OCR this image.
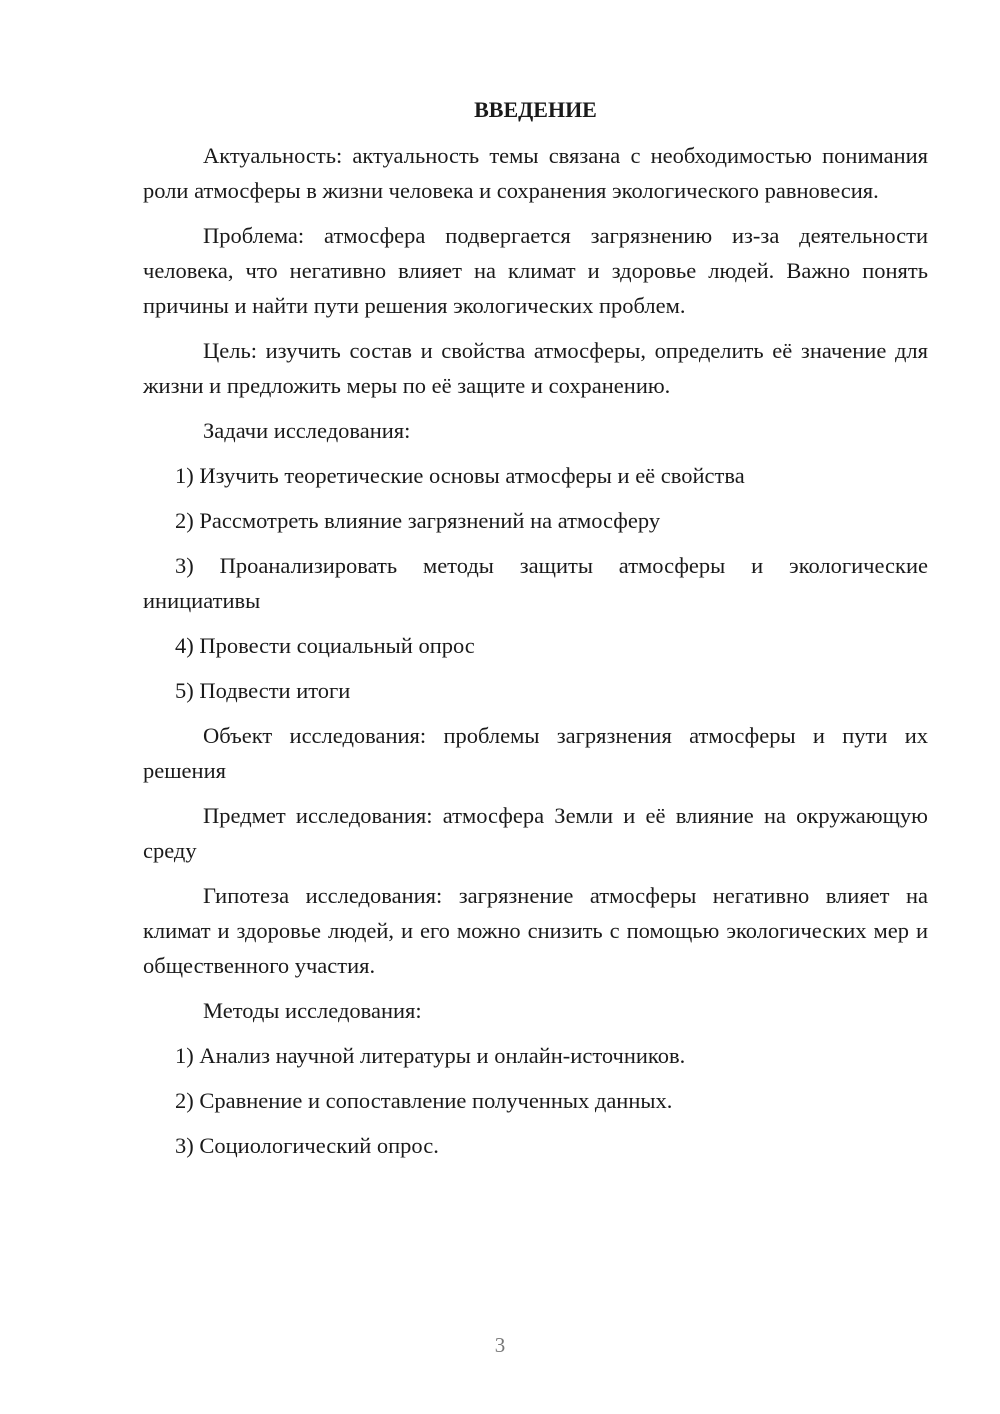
ВВЕДЕНИЕ

Актуальность: актуальность темы связана с необходимостью понимания роли атмосферы в жизни человека и сохранения экологического равновесия.

Проблема: атмосфера подвергается загрязнению из-за деятельности человека, что негативно влияет на климат и здоровье людей. Важно понять причины и найти пути решения экологических проблем.

Цель: изучить состав и свойства атмосферы, определить её значение для жизни и предложить меры по её защите и сохранению.

Задачи исследования:

1) Изучить теоретические основы атмосферы и её свойства

2) Рассмотреть влияние загрязнений на атмосферу

3) Проанализировать методы защиты атмосферы и экологические инициативы

4) Провести социальный опрос

5) Подвести итоги

Объект исследования: проблемы загрязнения атмосферы и пути их решения

Предмет исследования: атмосфера Земли и её влияние на окружающую среду

Гипотеза исследования: загрязнение атмосферы негативно влияет на климат и здоровье людей, и его можно снизить с помощью экологических мер и общественного участия.

Методы исследования:

1) Анализ научной литературы и онлайн-источников.

2) Сравнение и сопоставление полученных данных.

3) Социологический опрос.

3
